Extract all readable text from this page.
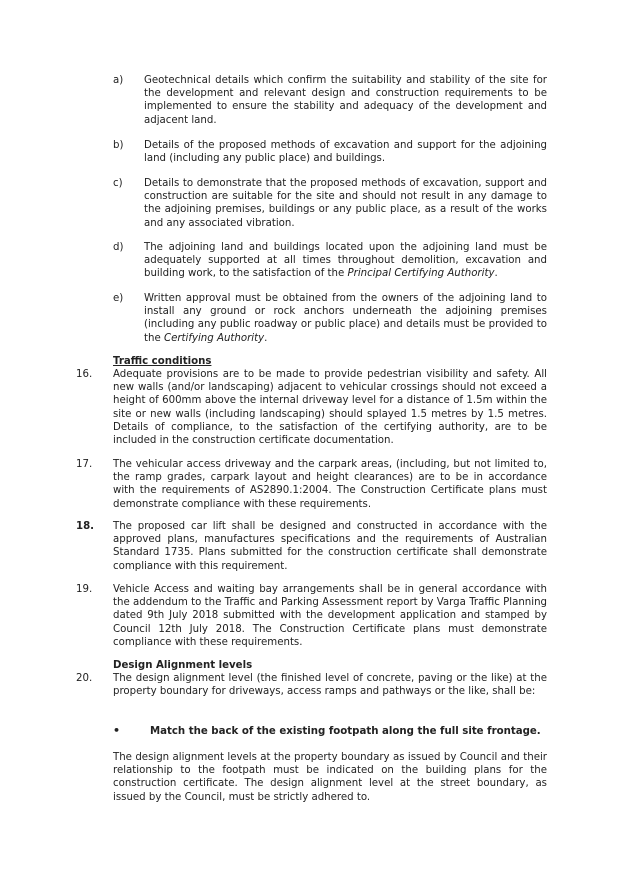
a) Geotechnical details which confirm the suitability and stability of the site for the development and relevant design and construction requirements to be implemented to ensure the stability and adequacy of the development and adjacent land.
b) Details of the proposed methods of excavation and support for the adjoining land (including any public place) and buildings.
c) Details to demonstrate that the proposed methods of excavation, support and construction are suitable for the site and should not result in any damage to the adjoining premises, buildings or any public place, as a result of the works and any associated vibration.
d) The adjoining land and buildings located upon the adjoining land must be adequately supported at all times throughout demolition, excavation and building work, to the satisfaction of the Principal Certifying Authority.
e) Written approval must be obtained from the owners of the adjoining land to install any ground or rock anchors underneath the adjoining premises (including any public roadway or public place) and details must be provided to the Certifying Authority.
Traffic conditions
16. Adequate provisions are to be made to provide pedestrian visibility and safety. All new walls (and/or landscaping) adjacent to vehicular crossings should not exceed a height of 600mm above the internal driveway level for a distance of 1.5m within the site or new walls (including landscaping) should splayed 1.5 metres by 1.5 metres. Details of compliance, to the satisfaction of the certifying authority, are to be included in the construction certificate documentation.
17. The vehicular access driveway and the carpark areas, (including, but not limited to, the ramp grades, carpark layout and height clearances) are to be in accordance with the requirements of AS2890.1:2004. The Construction Certificate plans must demonstrate compliance with these requirements.
18. The proposed car lift shall be designed and constructed in accordance with the approved plans, manufactures specifications and the requirements of Australian Standard 1735. Plans submitted for the construction certificate shall demonstrate compliance with this requirement.
19. Vehicle Access and waiting bay arrangements shall be in general accordance with the addendum to the Traffic and Parking Assessment report by Varga Traffic Planning dated 9th July 2018 submitted with the development application and stamped by Council 12th July 2018. The Construction Certificate plans must demonstrate compliance with these requirements.
Design Alignment levels
20. The design alignment level (the finished level of concrete, paving or the like) at the property boundary for driveways, access ramps and pathways or the like, shall be:
•	Match the back of the existing footpath along the full site frontage.
The design alignment levels at the property boundary as issued by Council and their relationship to the footpath must be indicated on the building plans for the construction certificate. The design alignment level at the street boundary, as issued by the Council, must be strictly adhered to.
